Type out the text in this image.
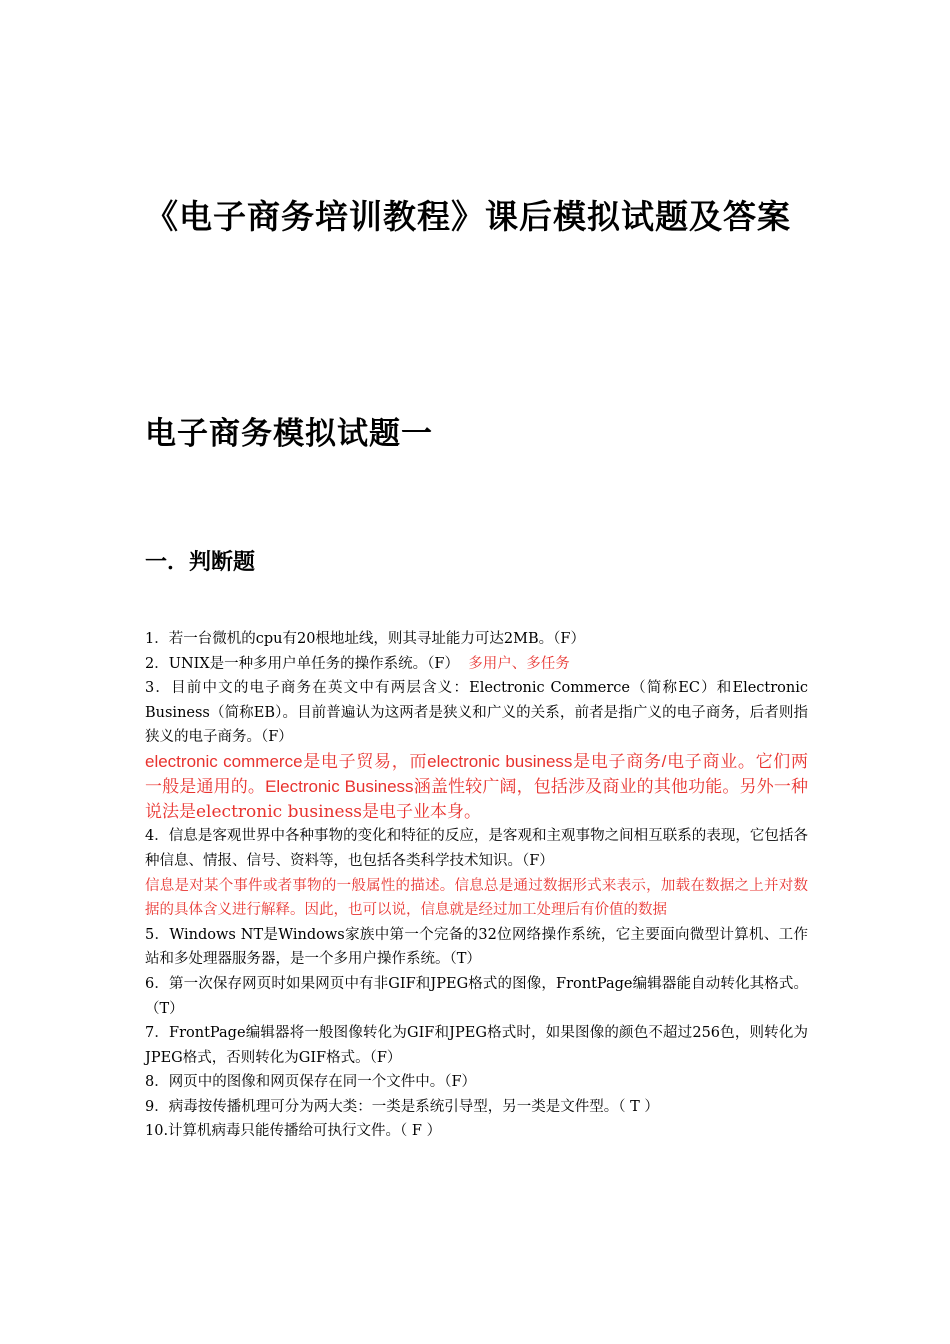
《电子商务培训教程》课后模拟试题及答案
电子商务模拟试题一
一．判断题

1．若一台微机的cpu有20根地址线，则其寻址能力可达2MB。（F）

2．UNIX是一种多用户单任务的操作系统。（F） 多用户、多任务

3．目前中文的电子商务在英文中有两层含义：Electronic Commerce（简称EC）和Electronic Business（简称EB）。目前普遍认为这两者是狭义和广义的关系，前者是指广义的电子商务，后者则指狭义的电子商务。（F）

electronic commerce是电子贸易，而electronic business是电子商务/电子商业。它们两一般是通用的。Electronic Business涵盖性较广阔，包括涉及商业的其他功能。另外一种说法是electronic business是电子业本身。

4．信息是客观世界中各种事物的变化和特征的反应，是客观和主观事物之间相互联系的表现，它包括各种信息、情报、信号、资料等，也包括各类科学技术知识。（F）

信息是对某个事件或者事物的一般属性的描述。信息总是通过数据形式来表示，加载在数据之上并对数据的具体含义进行解释。因此，也可以说，信息就是经过加工处理后有价值的数据

5．Windows NT是Windows家族中第一个完备的32位网络操作系统，它主要面向微型计算机、工作站和多处理器服务器，是一个多用户操作系统。（T）

6．第一次保存网页时如果网页中有非GIF和JPEG格式的图像，FrontPage编辑器能自动转化其格式。（T）

7．FrontPage编辑器将一般图像转化为GIF和JPEG格式时，如果图像的颜色不超过256色，则转化为JPEG格式，否则转化为GIF格式。（F）

8．网页中的图像和网页保存在同一个文件中。（F）

9．病毒按传播机理可分为两大类：一类是系统引导型，另一类是文件型。（ T ）

10.计算机病毒只能传播给可执行文件。（ F ）
